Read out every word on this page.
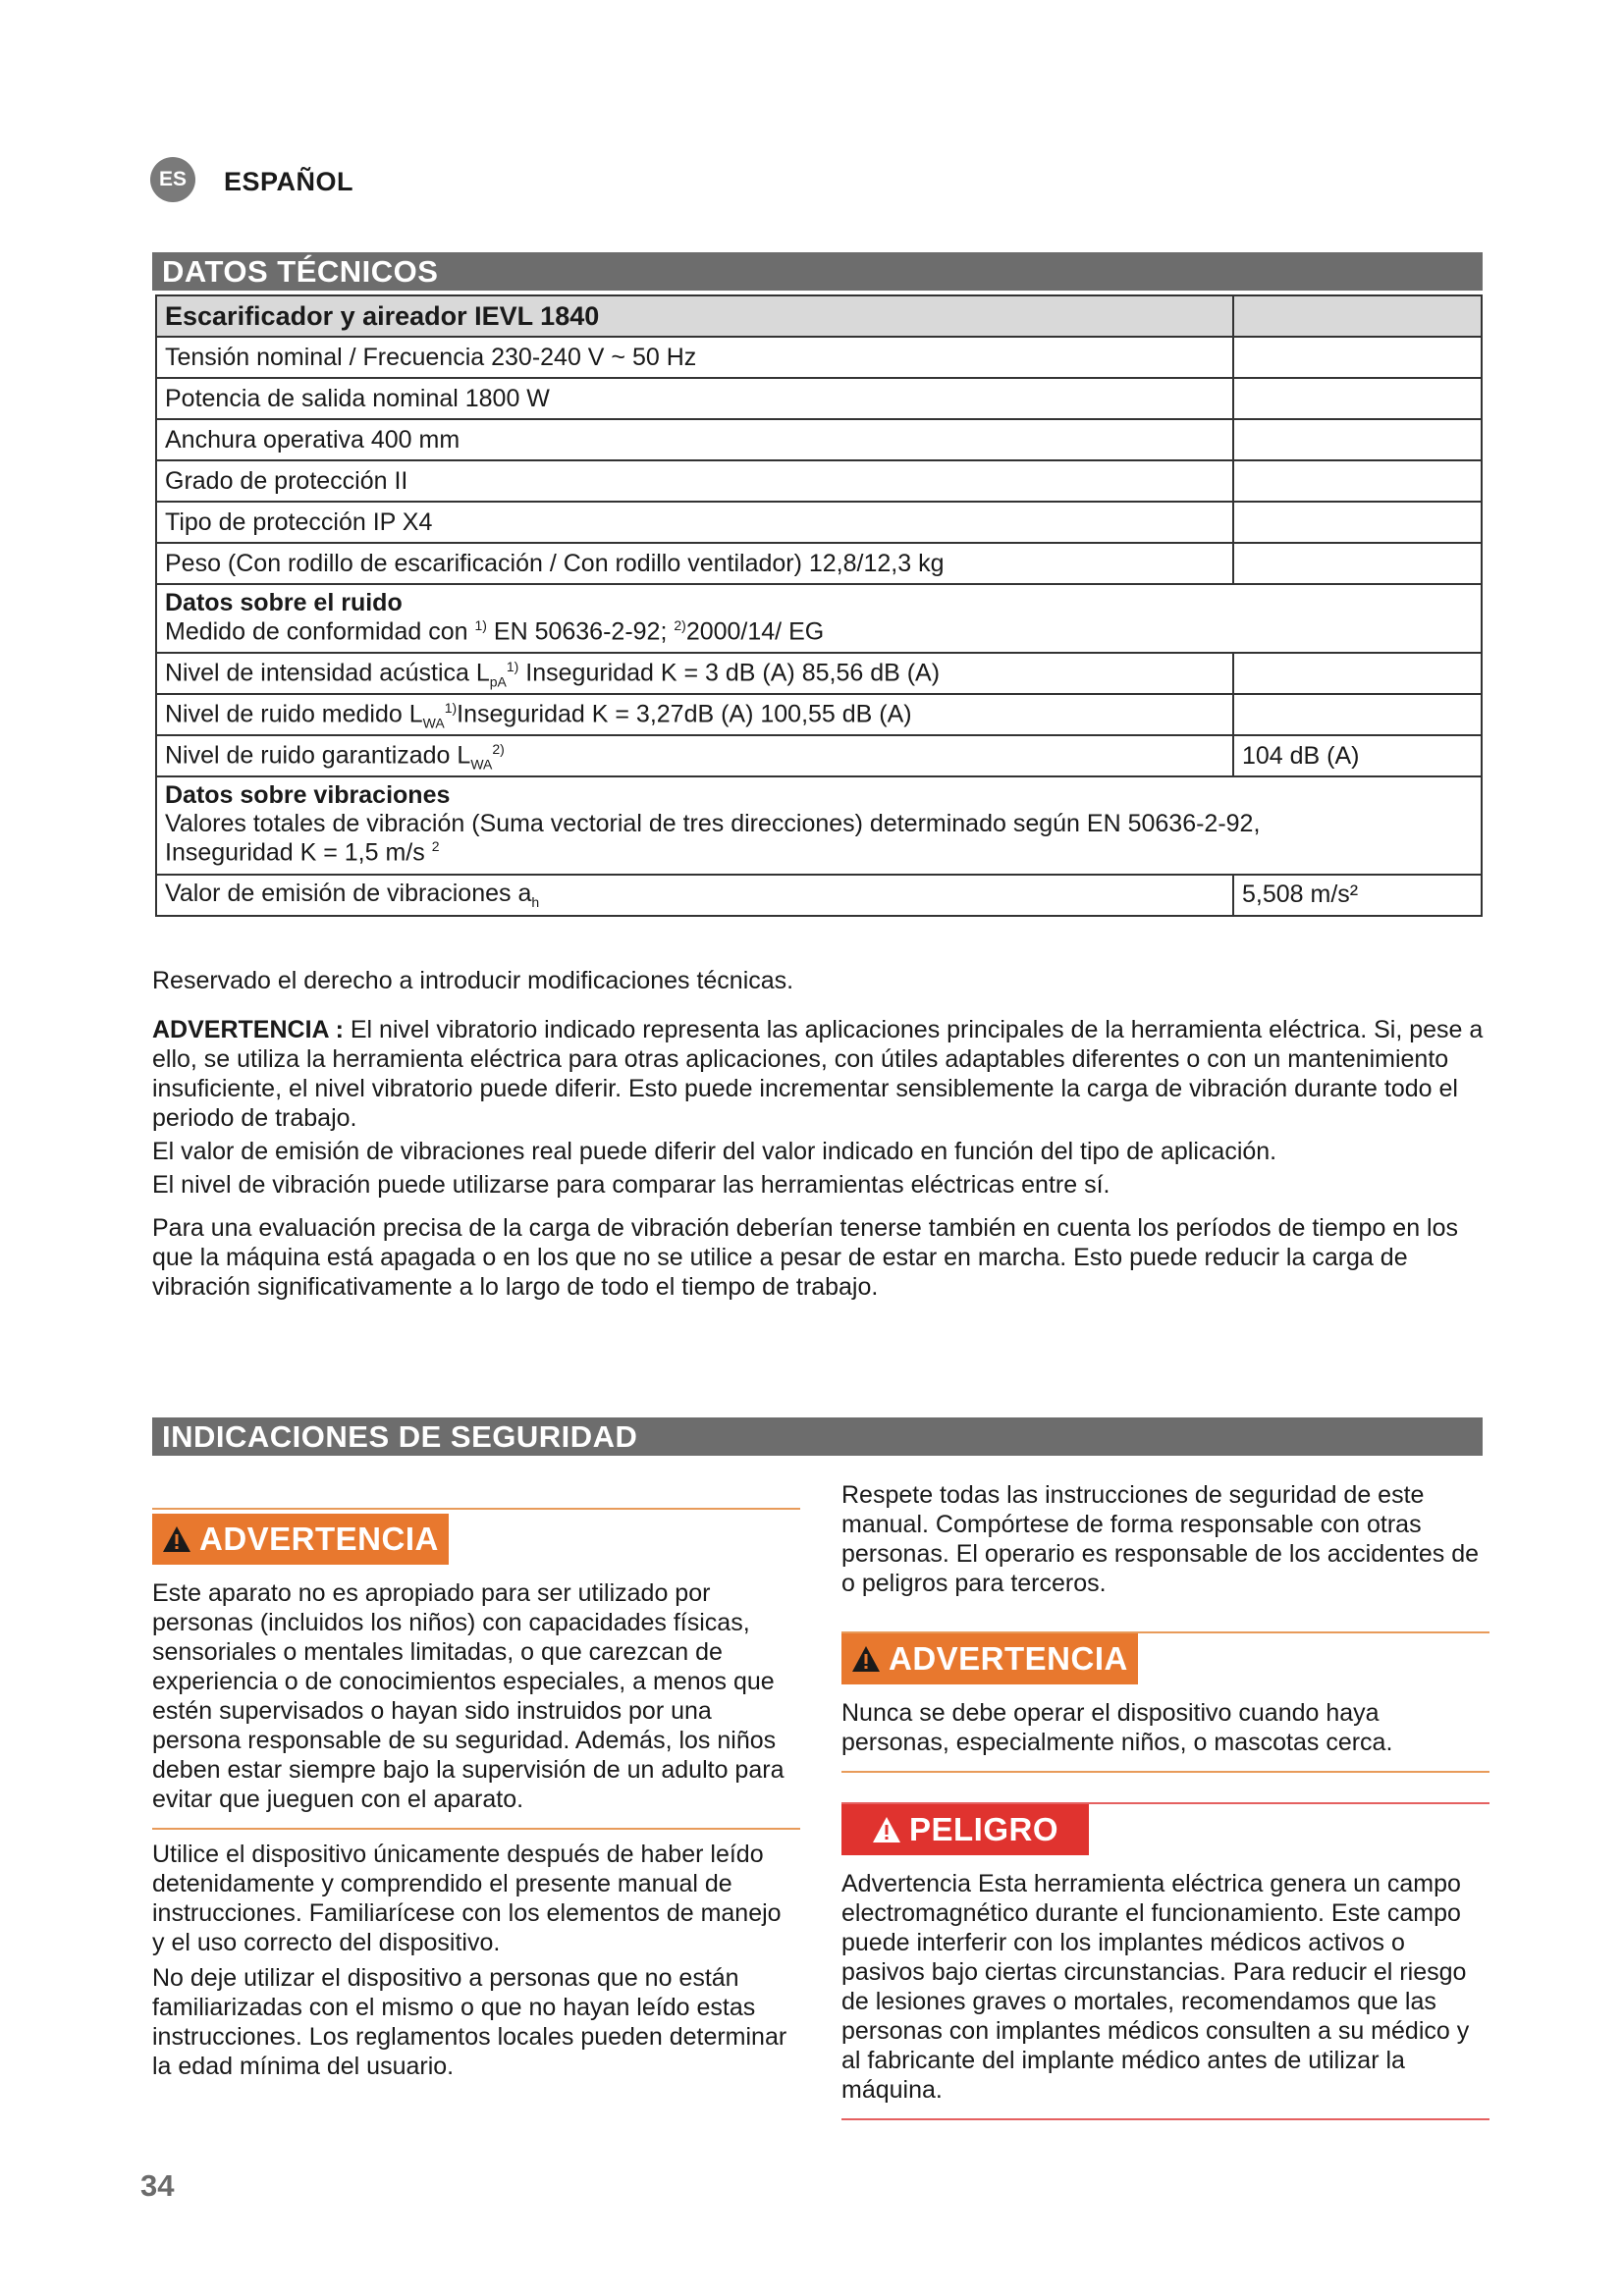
ES	ESPAÑOL
DATOS TÉCNICOS
Escarificador y aireador IEVL 1840	
Tensión nominal / Frecuencia 230-240 V ~ 50 Hz	
Potencia de salida nominal 1800 W	
Anchura operativa 400 mm	
Grado de protección II	
Tipo de protección IP X4	
Peso (Con rodillo de escarificación / Con rodillo ventilador) 12,8/12,3 kg	

Datos sobre el ruido
Medido de conformidad con $^{1)}$ EN 50636-2-92; $^{2)}$2000/14/ EG	

Nivel de intensidad acústica $L_{pA}^{1)}$ Inseguridad K = 3 dB (A) 85,56 dB (A)	
Nivel de ruido medido $L_{WA}^{1)}Inseguridad$ K = 3,27dB (A) 100,55 dB (A)	
Nivel de ruido garantizado $L_{WA}^{2)}$	104 dB (A)

Datos sobre vibraciones
Valores totales de vibración (Suma vectorial de tres direcciones) determinado según EN 50636-2-92,
Inseguridad K = 1,5 m/s $^2$

Valor de emisión de vibraciones $a_h$	5,508 m/s²

Reservado el derecho a introducir modificaciones técnicas.

ADVERTENCIA : El nivel vibratorio indicado representa las aplicaciones principales de la herramienta eléctrica. Si, pese a ello, se utiliza la herramienta eléctrica para otras aplicaciones, con útiles adaptables diferentes o con un mantenimiento insuficiente, el nivel vibratorio puede diferir. Esto puede incrementar sensiblemente la carga de vibración durante todo el periodo de trabajo.

El valor de emisión de vibraciones real puede diferir del valor indicado en función del tipo de aplicación.

El nivel de vibración puede utilizarse para comparar las herramientas eléctricas entre sí.

Para una evaluación precisa de la carga de vibración deberían tenerse también en cuenta los períodos de tiempo en los que la máquina está apagada o en los que no se utilice a pesar de estar en marcha. Esto puede reducir la carga de vibración significativamente a lo largo de todo el tiempo de trabajo.

INDICACIONES DE SEGURIDAD
ADVERTENCIA

Este aparato no es apropiado para ser utilizado por personas (incluidos los niños) con capacidades físicas, sensoriales o mentales limitadas, o que carezcan de experiencia o de conocimientos especiales, a menos que estén supervisados o hayan sido instruidos por una persona responsable de su seguridad. Además, los niños deben estar siempre bajo la supervisión de un adulto para evitar que jueguen con el aparato.

Utilice el dispositivo únicamente después de haber leído detenidamente y comprendido el presente manual de instrucciones. Familiarícese con los elementos de manejo y el uso correcto del dispositivo.

No deje utilizar el dispositivo a personas que no están familiarizadas con el mismo o que no hayan leído estas instrucciones. Los reglamentos locales pueden determinar la edad mínima del usuario.

Respete todas las instrucciones de seguridad de este manual. Compórtese de forma responsable con otras personas. El operario es responsable de los accidentes de o peligros para terceros.

ADVERTENCIA

Nunca se debe operar el dispositivo cuando haya personas, especialmente niños, o mascotas cerca.

PELIGRO

Advertencia Esta herramienta eléctrica genera un campo electromagnético durante el funcionamiento. Este campo puede interferir con los implantes médicos activos o pasivos bajo ciertas circunstancias. Para reducir el riesgo de lesiones graves o mortales, recomendamos que las personas con implantes médicos consulten a su médico y al fabricante del implante médico antes de utilizar la máquina.

34
